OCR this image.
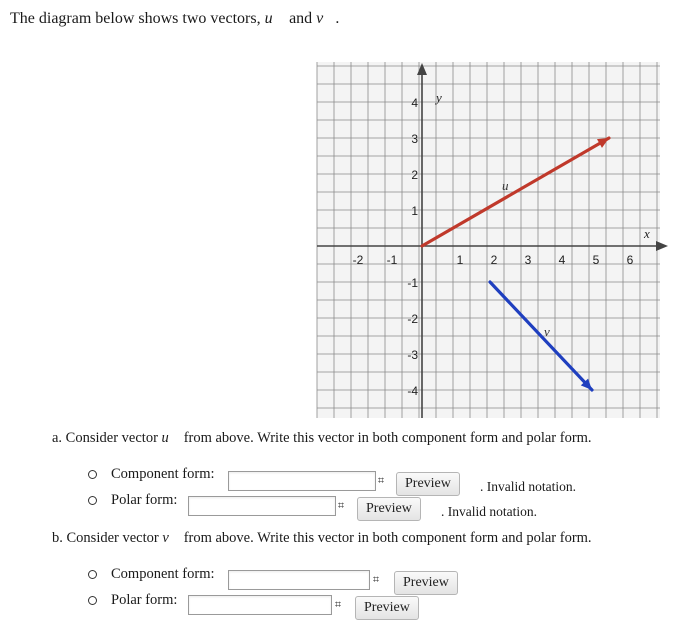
The diagram below shows two vectors, u⃗ and v⃗.
x
y
-2 -1	1 2 3 4 5 6
4
3
2
1
-1
-2
-3
-4
u⃗
v⃗
a. Consider vector u⃗ from above. Write this vector in both component form and polar form.
Component form:	⌗	Preview	. Invalid notation.
Polar form:	⌗	Preview	. Invalid notation.
b. Consider vector v⃗ from above. Write this vector in both component form and polar form.
Component form:	⌗	Preview
Polar form:	⌗	Preview
